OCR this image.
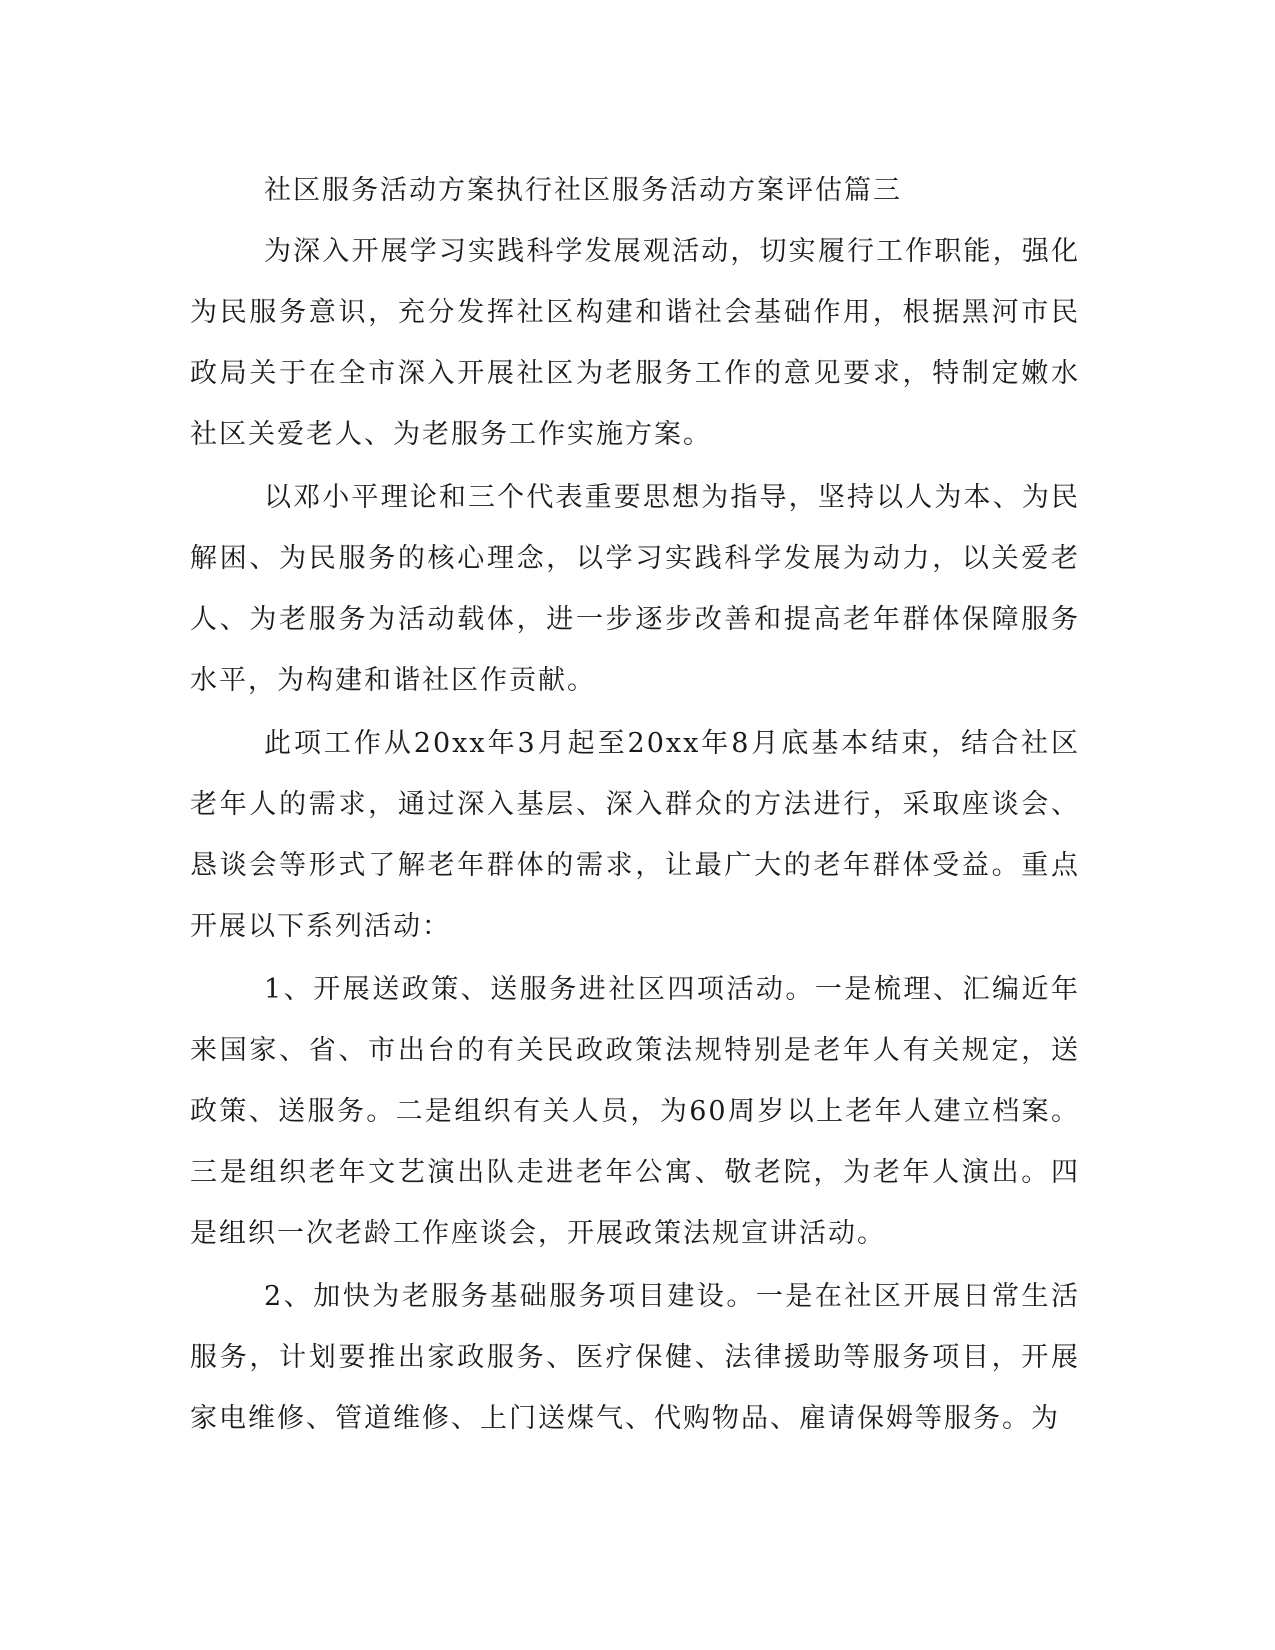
社区服务活动方案执行社区服务活动方案评估篇三

为深入开展学习实践科学发展观活动，切实履行工作职能，强化为民服务意识，充分发挥社区构建和谐社会基础作用，根据黑河市民政局关于在全市深入开展社区为老服务工作的意见要求，特制定嫩水社区关爱老人、为老服务工作实施方案。

以邓小平理论和三个代表重要思想为指导，坚持以人为本、为民解困、为民服务的核心理念，以学习实践科学发展为动力，以关爱老人、为老服务为活动载体，进一步逐步改善和提高老年群体保障服务水平，为构建和谐社区作贡献。

此项工作从20xx年3月起至20xx年8月底基本结束，结合社区老年人的需求，通过深入基层、深入群众的方法进行，采取座谈会、恳谈会等形式了解老年群体的需求，让最广大的老年群体受益。重点开展以下系列活动：

1、开展送政策、送服务进社区四项活动。一是梳理、汇编近年来国家、省、市出台的有关民政政策法规特别是老年人有关规定，送政策、送服务。二是组织有关人员，为60周岁以上老年人建立档案。三是组织老年文艺演出队走进老年公寓、敬老院，为老年人演出。四是组织一次老龄工作座谈会，开展政策法规宣讲活动。

2、加快为老服务基础服务项目建设。一是在社区开展日常生活服务，计划要推出家政服务、医疗保健、法律援助等服务项目，开展家电维修、管道维修、上门送煤气、代购物品、雇请保姆等服务。为
